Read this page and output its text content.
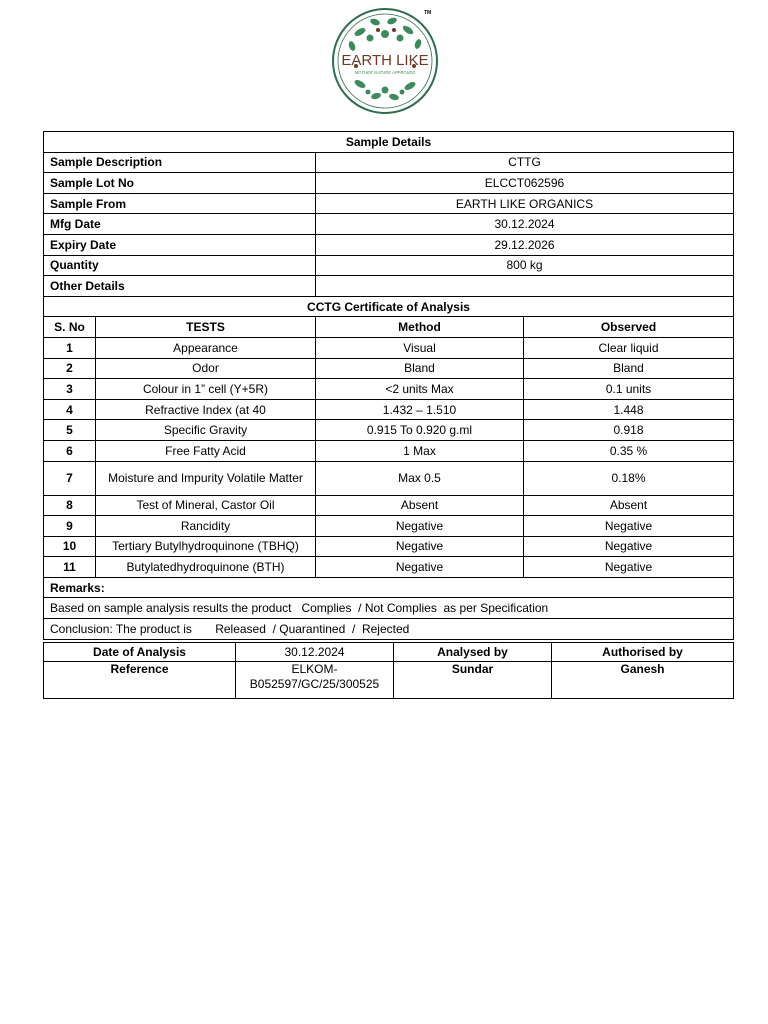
EARTH LIKE
MOTHER NATURE APPROVED
TM
Sample Details			
Sample Description		CTTG	
Sample Lot No		ELCCT062596	
Sample From		EARTH LIKE ORGANICS	
Mfg Date		30.12.2024	
Expiry Date		29.12.2026	
Quantity		800 kg	
Other Details			
CCTG Certificate of Analysis			
S. No	TESTS	Method	Observed
1	Appearance	Visual	Clear liquid
2	Odor	Bland	Bland
3	Colour in 1” cell (Y+5R)	<2 units Max	0.1 units
4	Refractive Index (at 40	1.432 – 1.510	1.448
5	Specific Gravity	0.915 To 0.920 g.ml	0.918
6	Free Fatty Acid	1 Max	0.35 %
7	Moisture and Impurity Volatile Matter	Max 0.5	0.18%
8	Test of Mineral, Castor Oil	Absent	Absent
9	Rancidity	Negative	Negative
10	Tertiary Butylhydroquinone (TBHQ)	Negative	Negative
11	Butylatedhydroquinone (BTH)	Negative	Negative
Remarks:			
Based on sample analysis results the product   Complies  / Not Complies  as per Specification			
Conclusion: The product is       Released  / Quarantined  /  Rejected			
Date of Analysis	30.12.2024	Analysed by	Authorised by
Reference	ELKOM-B052597/GC/25/300525	Sundar	Ganesh
